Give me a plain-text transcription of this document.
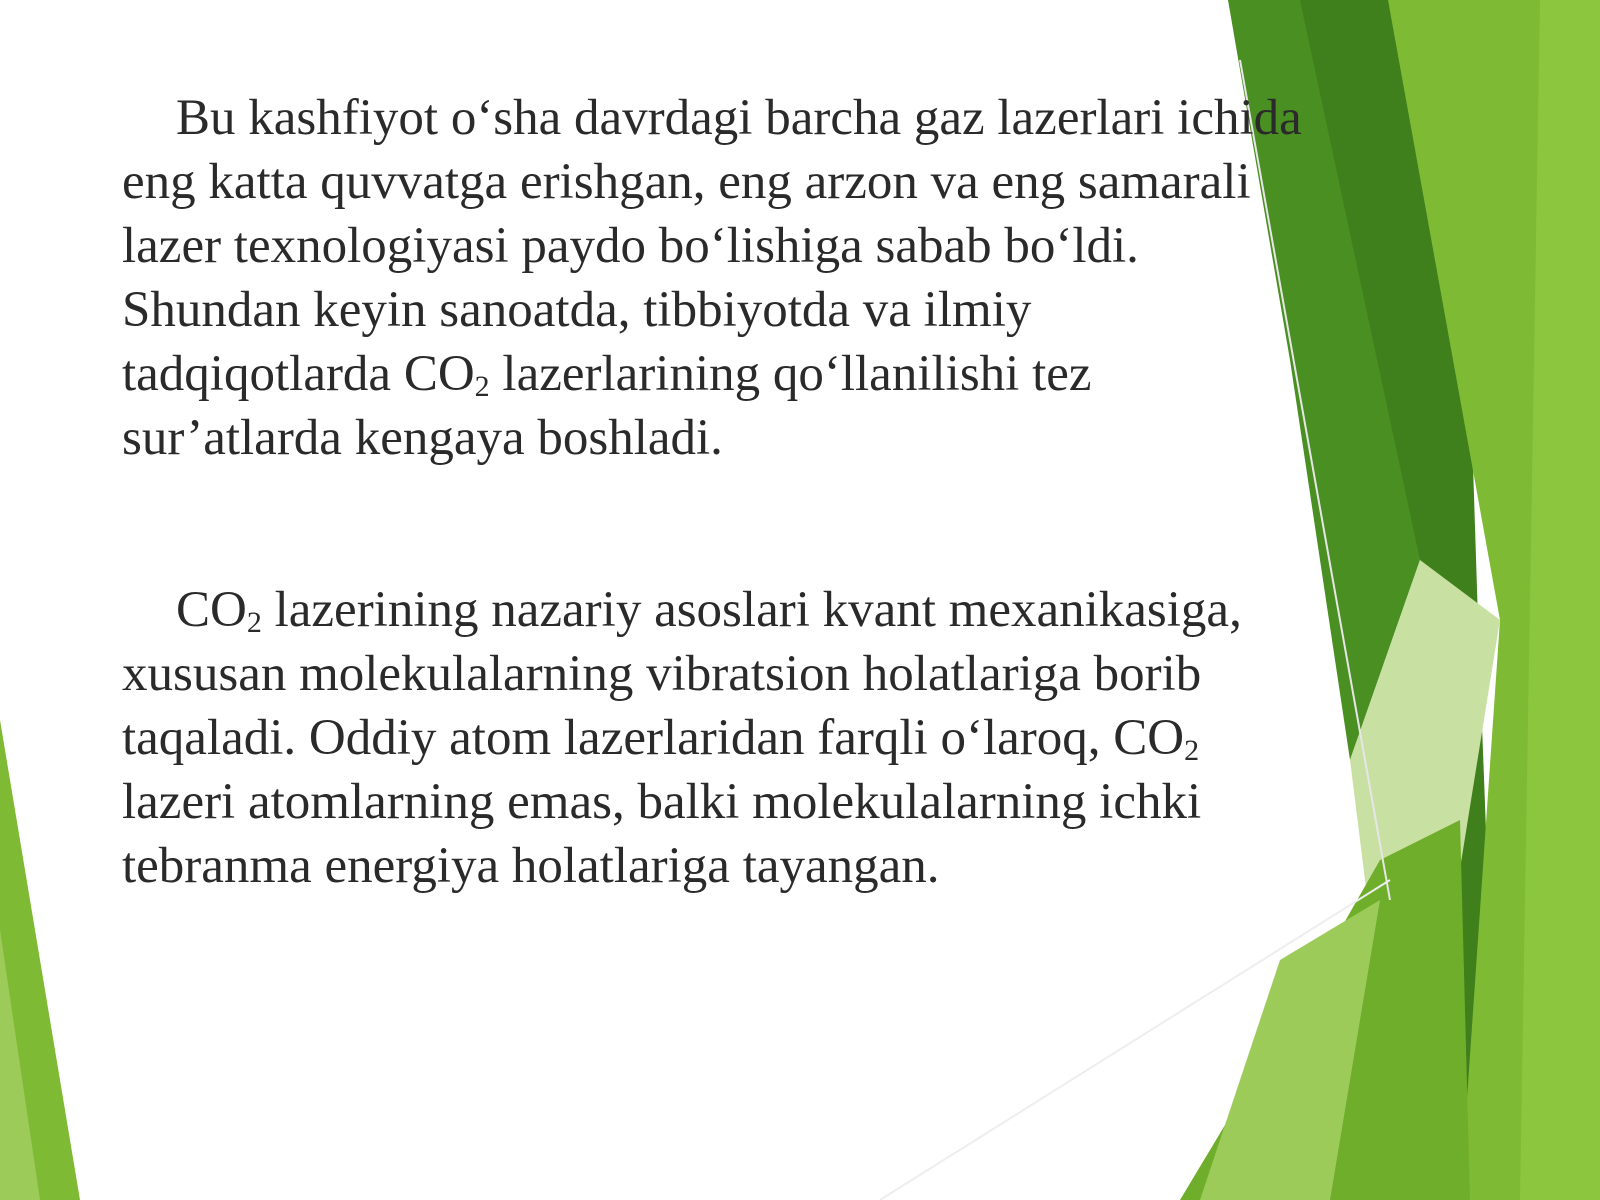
Bu kashfiyot o‘sha davrdagi barcha gaz lazerlari ichida
eng katta quvvatga erishgan, eng arzon va eng samarali
lazer texnologiyasi paydo bo‘lishiga sabab bo‘ldi.
Shundan keyin sanoatda, tibbiyotda va ilmiy
tadqiqotlarda $CO_2$ lazerlarining qo‘llanilishi tez
sur’atlarda kengaya boshladi.

$CO_2$ lazerining nazariy asoslari kvant mexanikasiga,
xususan molekulalarning vibratsion holatlariga borib
taqaladi. Oddiy atom lazerlaridan farqli o‘laroq, $CO_2$
lazeri atomlarning emas, balki molekulalarning ichki
tebranma energiya holatlariga tayangan.
